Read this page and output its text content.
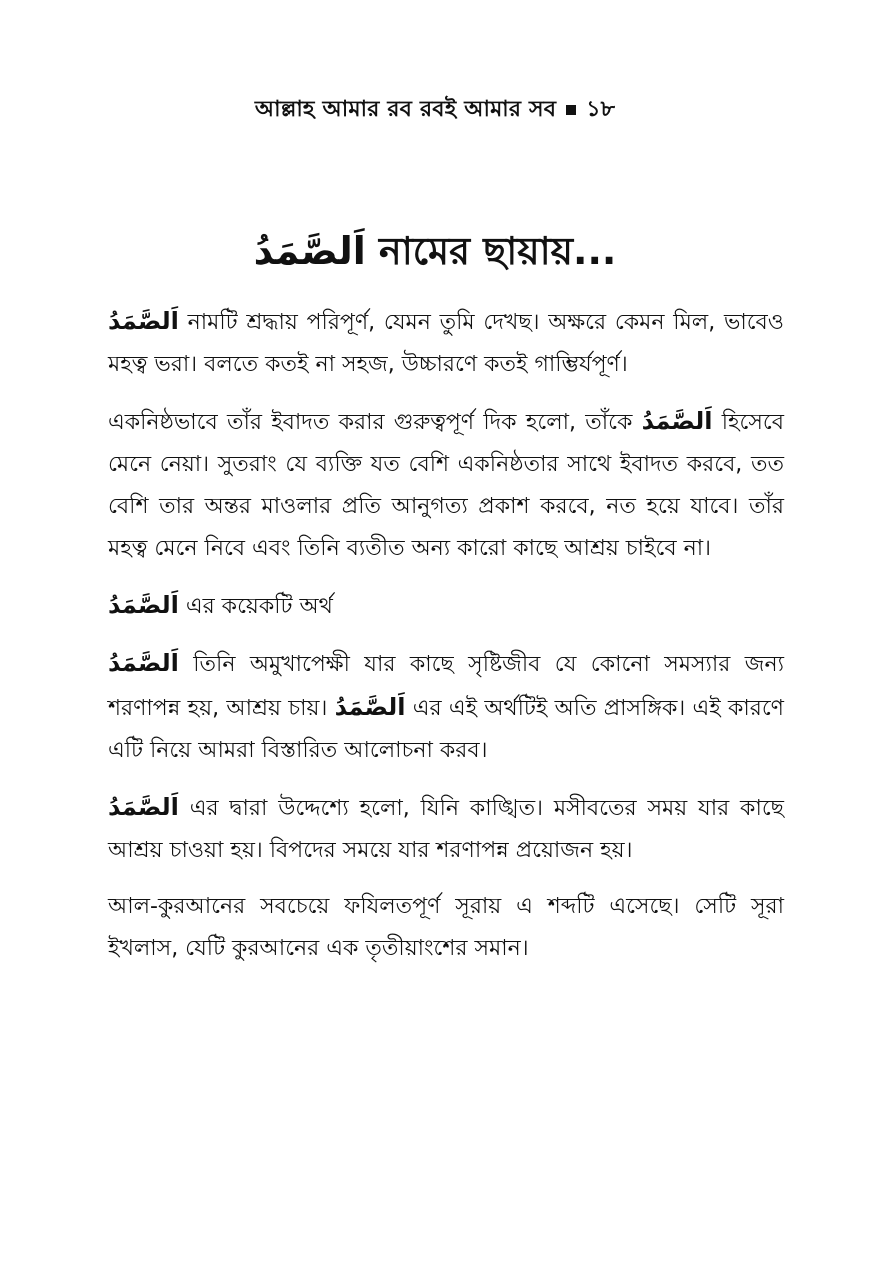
আল্লাহ আমার রব রবই আমার সব ১৮
اَلصَّمَدُ নামের ছায়ায়...

اَلصَّمَدُ নামটি শ্রদ্ধায় পরিপূর্ণ, যেমন তুমি দেখছ। অক্ষরে কেমন মিল, ভাবেও মহত্ব ভরা। বলতে কতই না সহজ, উচ্চারণে কতই গাম্ভির্যপূর্ণ।

একনিষ্ঠভাবে তাঁর ইবাদত করার গুরুত্বপূর্ণ দিক হলো, তাঁকে اَلصَّمَدُ হিসেবে মেনে নেয়া। সুতরাং যে ব্যক্তি যত বেশি একনিষ্ঠতার সাথে ইবাদত করবে, তত বেশি তার অন্তর মাওলার প্রতি আনুগত্য প্রকাশ করবে, নত হয়ে যাবে। তাঁর মহত্ব মেনে নিবে এবং তিনি ব্যতীত অন্য কারো কাছে আশ্রয় চাইবে না।

اَلصَّمَدُ এর কয়েকটি অর্থ

اَلصَّمَدُ তিনি অমুখাপেক্ষী যার কাছে সৃষ্টিজীব যে কোনো সমস্যার জন্য শরণাপন্ন হয়, আশ্রয় চায়। اَلصَّمَدُ এর এই অর্থটিই অতি প্রাসঙ্গিক। এই কারণে এটি নিয়ে আমরা বিস্তারিত আলোচনা করব।

اَلصَّمَدُ এর দ্বারা উদ্দেশ্যে হলো, যিনি কাঙ্খিত। মসীবতের সময় যার কাছে আশ্রয় চাওয়া হয়। বিপদের সময়ে যার শরণাপন্ন প্রয়োজন হয়।

আল-কুরআনের সবচেয়ে ফযিলতপূর্ণ সূরায় এ শব্দটি এসেছে। সেটি সূরা ইখলাস, যেটি কুরআনের এক তৃতীয়াংশের সমান।
